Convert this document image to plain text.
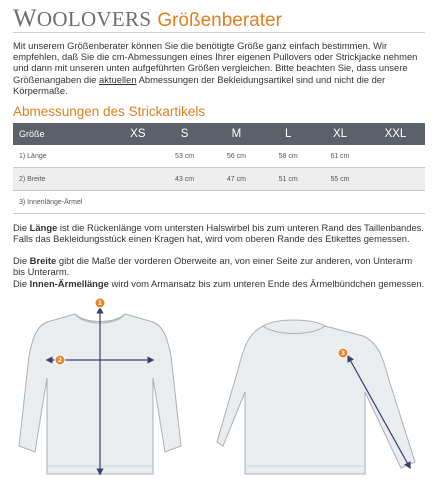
WOOLOVERS Größenberater
Mit unserem Größenberater können Sie die benötigte Größe ganz einfach bestimmen. Wir empfehlen, daß Sie die cm-Abmessungen eines Ihrer eigenen Pullovers oder Strickjacke nehmen und dann mit unseren unten aufgeführten Größen vergleichen. Bitte beachten Sie, dass unsere Größenangaben die aktuellen Abmessungen der Bekleidungsartikel sind und nicht die der Körpermaße.
Abmessungen des Strickartikels
Größe	XS	S	M	L	XL	XXL
1) Länge		53 cm	56 cm	58 cm	61 cm	
2) Breite		43 cm	47 cm	51 cm	55 cm	
3) Innenlänge-Ärmel						
Die Länge ist die Rückenlänge vom untersten Halswirbel bis zum unteren Rand des Taillenbandes. Falls das Bekleidungsstück einen Kragen hat, wird vom oberen Rande des Etikettes gemessen.
Die Breite gibt die Maße der vorderen Oberweite an, von einer Seite zur anderen, von Unterarm bis Unterarm.
Die Innen-Ärmellänge wird vom Armansatz bis zum unteren Ende des Ärmelbündchen gemessen.
1
2
3
